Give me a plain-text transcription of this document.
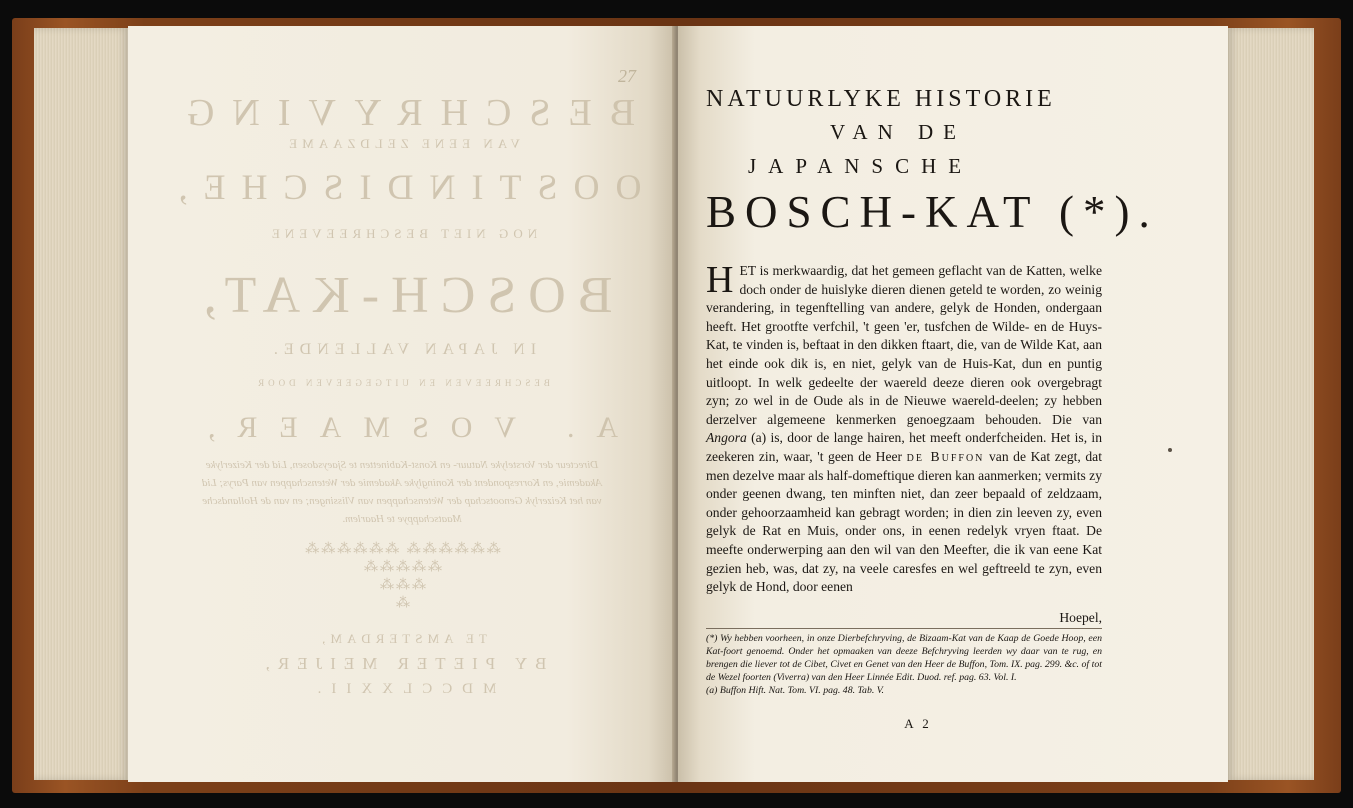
BESCHRYVING
VAN EENE ZELDZAAME
OOSTINDISCHE,
NOG NIET BESCHREEVENE
BOSCH-KAT,
IN JAPAN VALLENDE.
BESCHREEVEN EN UITGEGEEVEN DOOR
A. VOSMAER,
Directeur der Vorstelyke Natuur- en Konst-Kabinetten te Sjaeysdosen, Lid der Keizerlyke Akademie, en Korrespondent der Koninglyke Akademie der Wetenschappen van Parys; Lid van het Keizerlyk Genootschap der Wetenschappen van Vlissingen; en van de Hollandsche Maatschappye te Haarlem.
⁂⁂⁂⁂⁂⁂ ⁂⁂⁂⁂⁂⁂
⁂⁂⁂⁂⁂
⁂⁂⁂
⁂
TE AMSTERDAM,
BY PIETER MEIJER,
MDCCLXXII.
27
NATUURLYKE HISTORIE
VAN DE
JAPANSCHE
BOSCH-KAT (*).
HET is merkwaardig, dat het gemeen geflacht van de Katten, welke doch onder de huislyke dieren dienen geteld te worden, zo weinig verandering, in tegenftelling van andere, gelyk de Honden, ondergaan heeft. Het grootfte verfchil, 't geen 'er, tusfchen de Wilde- en de Huys-Kat, te vinden is, beftaat in den dikken ftaart, die, van de Wilde Kat, aan het einde ook dik is, en niet, gelyk van de Huis-Kat, dun en puntig uitloopt. In welk gedeelte der waereld deeze dieren ook overgebragt zyn; zo wel in de Oude als in de Nieuwe waereld-deelen; zy hebben derzelver algemeene kenmerken genoegzaam behouden. Die van Angora (a) is, door de lange hairen, het meeft onderfcheiden. Het is, in zeekeren zin, waar, 't geen de Heer de Buffon van de Kat zegt, dat men dezelve maar als half-domeftique dieren kan aanmerken; vermits zy onder geenen dwang, ten minften niet, dan zeer bepaald of zeldzaam, onder gehoorzaamheid kan gebragt worden; in dien zin leeven zy, even gelyk de Rat en Muis, onder ons, in eenen redelyk vryen ftaat. De meefte onderwerping aan den wil van den Meefter, die ik van eene Kat gezien heb, was, dat zy, na veele caresfes en wel geftreeld te zyn, even gelyk de Hond, door eenen
Hoepel,
(*) Wy hebben voorheen, in onze Dierbefchryving, de Bizaam-Kat van de Kaap de Goede Hoop, een Kat-foort genoemd. Onder het opmaaken van deeze Befchryving leerden wy daar van te rug, en brengen die liever tot de Cibet, Civet en Genet van den Heer de Buffon, Tom. IX. pag. 299. &c. of tot de Wezel foorten (Viverra) van den Heer Linnée Edit. Duod. ref. pag. 63. Vol. I.
(a) Buffon Hift. Nat. Tom. VI. pag. 48. Tab. V.
A 2
